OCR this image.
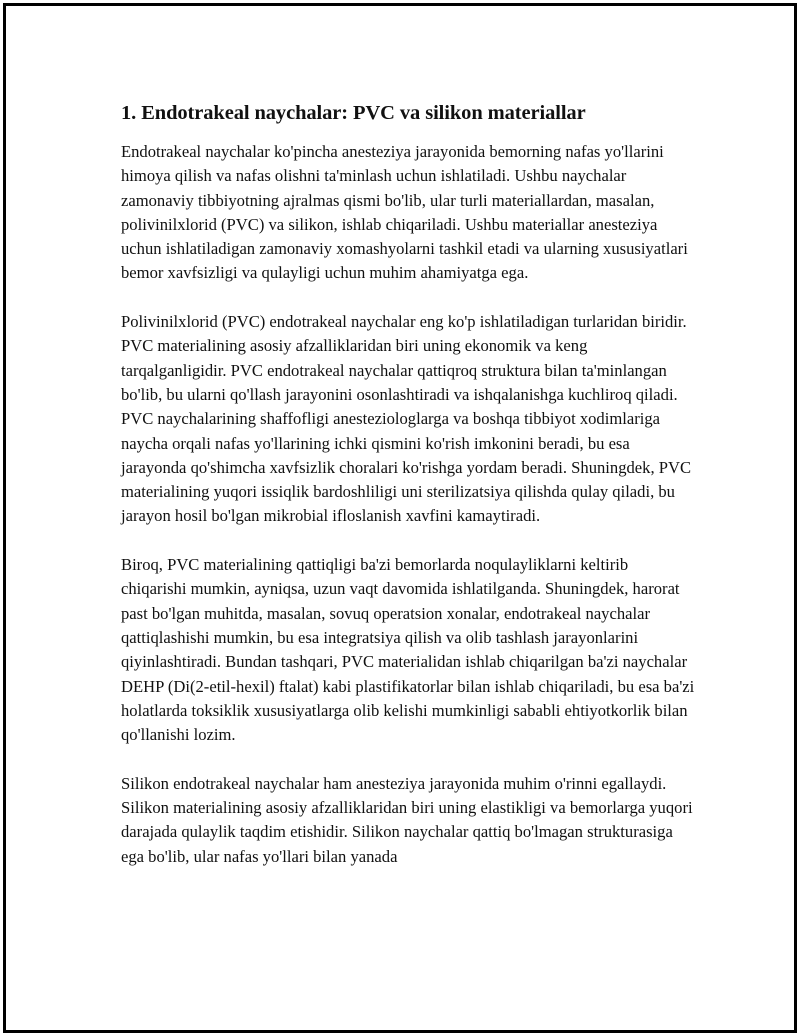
1. Endotrakeal naychalar: PVC va silikon materiallar

Endotrakeal naychalar ko'pincha anesteziya jarayonida bemorning nafas yo'llarini himoya qilish va nafas olishni ta'minlash uchun ishlatiladi. Ushbu naychalar zamonaviy tibbiyotning ajralmas qismi bo'lib, ular turli materiallardan, masalan, polivinilxlorid (PVC) va silikon, ishlab chiqariladi. Ushbu materiallar anesteziya uchun ishlatiladigan zamonaviy xomashyolarni tashkil etadi va ularning xususiyatlari bemor xavfsizligi va qulayligi uchun muhim ahamiyatga ega.

Polivinilxlorid (PVC) endotrakeal naychalar eng ko'p ishlatiladigan turlaridan biridir. PVC materialining asosiy afzalliklaridan biri uning ekonomik va keng tarqalganligidir. PVC endotrakeal naychalar qattiqroq struktura bilan ta'minlangan bo'lib, bu ularni qo'llash jarayonini osonlashtiradi va ishqalanishga kuchliroq qiladi. PVC naychalarining shaffofligi anesteziologlarga va boshqa tibbiyot xodimlariga naycha orqali nafas yo'llarining ichki qismini ko'rish imkonini beradi, bu esa jarayonda qo'shimcha xavfsizlik choralari ko'rishga yordam beradi. Shuningdek, PVC materialining yuqori issiqlik bardoshliligi uni sterilizatsiya qilishda qulay qiladi, bu jarayon hosil bo'lgan mikrobial ifloslanish xavfini kamaytiradi.

Biroq, PVC materialining qattiqligi ba'zi bemorlarda noqulayliklarni keltirib chiqarishi mumkin, ayniqsa, uzun vaqt davomida ishlatilganda. Shuningdek, harorat past bo'lgan muhitda, masalan, sovuq operatsion xonalar, endotrakeal naychalar qattiqlashishi mumkin, bu esa integratsiya qilish va olib tashlash jarayonlarini qiyinlashtiradi. Bundan tashqari, PVC materialidan ishlab chiqarilgan ba'zi naychalar DEHP (Di(2-etil-hexil) ftalat) kabi plastifikatorlar bilan ishlab chiqariladi, bu esa ba'zi holatlarda toksiklik xususiyatlarga olib kelishi mumkinligi sababli ehtiyotkorlik bilan qo'llanishi lozim.

Silikon endotrakeal naychalar ham anesteziya jarayonida muhim o'rinni egallaydi. Silikon materialining asosiy afzalliklaridan biri uning elastikligi va bemorlarga yuqori darajada qulaylik taqdim etishidir. Silikon naychalar qattiq bo'lmagan strukturasiga ega bo'lib, ular nafas yo'llari bilan yanada
